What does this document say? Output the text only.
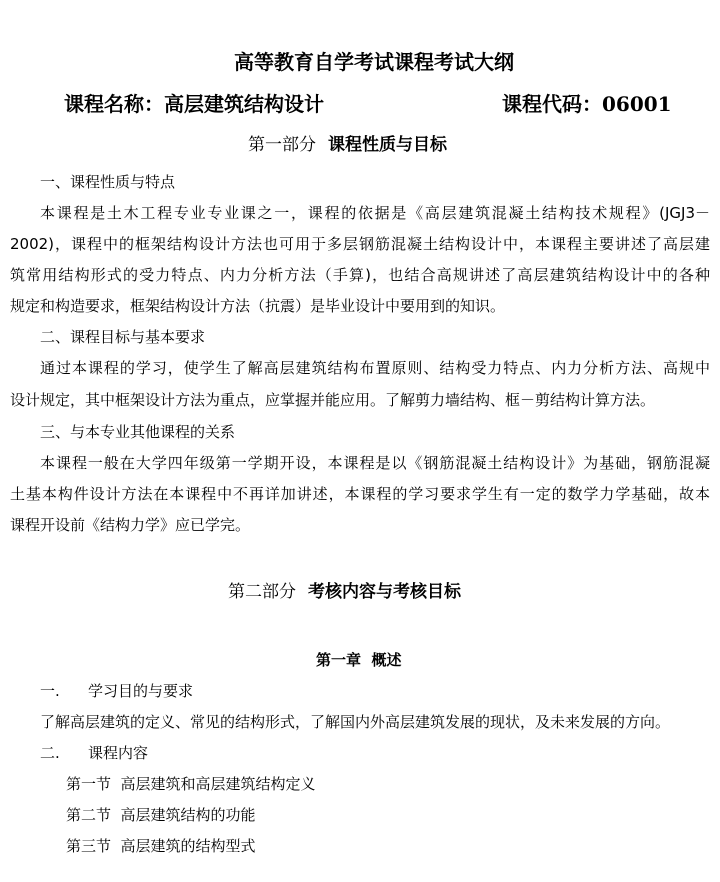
高等教育自学考试课程考试大纲
课程名称：高层建筑结构设计	课程代码：06001
第一部分 课程性质与目标
一、课程性质与特点
本课程是土木工程专业专业课之一，课程的依据是《高层建筑混凝土结构技术规程》(JGJ3－
2002)，课程中的框架结构设计方法也可用于多层钢筋混凝土结构设计中，本课程主要讲述了高层建
筑常用结构形式的受力特点、内力分析方法（手算)，也结合高规讲述了高层建筑结构设计中的各种
规定和构造要求，框架结构设计方法（抗震）是毕业设计中要用到的知识。
二、课程目标与基本要求
通过本课程的学习，使学生了解高层建筑结构布置原则、结构受力特点、内力分析方法、高规中
设计规定，其中框架设计方法为重点，应掌握并能应用。了解剪力墙结构、框－剪结构计算方法。
三、与本专业其他课程的关系
本课程一般在大学四年级第一学期开设，本课程是以《钢筋混凝土结构设计》为基础，钢筋混凝
土基本构件设计方法在本课程中不再详加讲述，本课程的学习要求学生有一定的数学力学基础，故本
课程开设前《结构力学》应已学完。
第二部分 考核内容与考核目标
第一章  概述
一. 学习目的与要求
了解高层建筑的定义、常见的结构形式，了解国内外高层建筑发展的现状，及未来发展的方向。
二. 课程内容
第一节  高层建筑和高层建筑结构定义
第二节  高层建筑结构的功能
第三节  高层建筑的结构型式
